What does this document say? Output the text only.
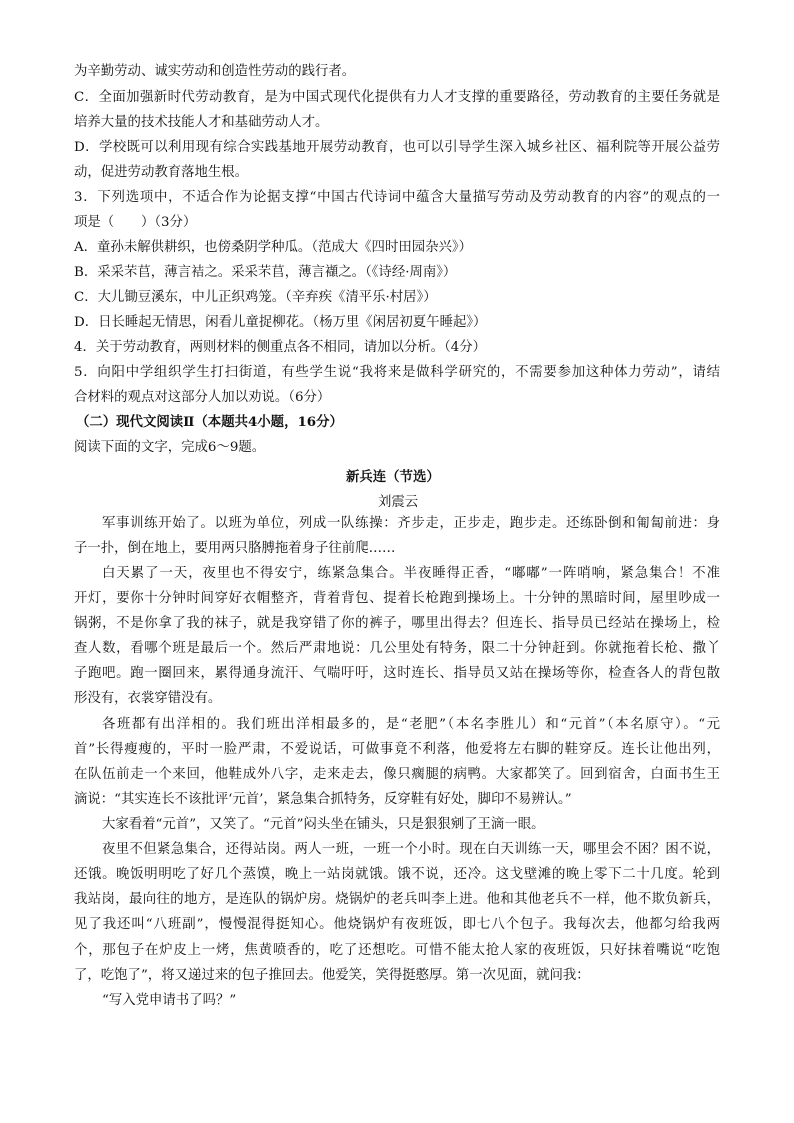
为辛勤劳动、诚实劳动和创造性劳动的践行者。
C．全面加强新时代劳动教育，是为中国式现代化提供有力人才支撑的重要路径，劳动教育的主要任务就是
培养大量的技术技能人才和基础劳动人才。
D．学校既可以利用现有综合实践基地开展劳动教育，也可以引导学生深入城乡社区、福利院等开展公益劳
动，促进劳动教育落地生根。
3．下列选项中，不适合作为论据支撑“中国古代诗词中蕴含大量描写劳动及劳动教育的内容”的观点的一
项是（　　）（3分）
A．童孙未解供耕织，也傍桑阴学种瓜。（范成大《四时田园杂兴》）
B．采采芣苢，薄言袺之。采采芣苢，薄言襭之。（《诗经·周南》）
C．大儿锄豆溪东，中儿正织鸡笼。（辛弃疾《清平乐·村居》）
D．日长睡起无情思，闲看儿童捉柳花。（杨万里《闲居初夏午睡起》）
4．关于劳动教育，两则材料的侧重点各不相同，请加以分析。（4分）
5．向阳中学组织学生打扫街道，有些学生说“我将来是做科学研究的，不需要参加这种体力劳动”，请结
合材料的观点对这部分人加以劝说。（6分）
（二）现代文阅读Ⅱ（本题共4小题，16分）
阅读下面的文字，完成6～9题。
新兵连（节选）
刘震云
军事训练开始了。以班为单位，列成一队练操：齐步走，正步走，跑步走。还练卧倒和匍匐前进：身
子一扑，倒在地上，要用两只胳膊拖着身子往前爬……
白天累了一天，夜里也不得安宁，练紧急集合。半夜睡得正香，“嘟嘟”一阵哨响，紧急集合！不准
开灯，要你十分钟时间穿好衣帽整齐，背着背包、提着长枪跑到操场上。十分钟的黑暗时间，屋里吵成一
锅粥，不是你拿了我的袜子，就是我穿错了你的裤子，哪里出得去？但连长、指导员已经站在操场上，检
查人数，看哪个班是最后一个。然后严肃地说：几公里处有特务，限二十分钟赶到。你就拖着长枪、撒丫
子跑吧。跑一圈回来，累得通身流汗、气喘吁吁，这时连长、指导员又站在操场等你，检查各人的背包散
形没有，衣裳穿错没有。
各班都有出洋相的。我们班出洋相最多的，是“老肥”（本名李胜儿）和“元首”（本名原守）。“元
首”长得瘦瘦的，平时一脸严肃，不爱说话，可做事竟不利落，他爱将左右脚的鞋穿反。连长让他出列，
在队伍前走一个来回，他鞋成外八字，走来走去，像只瘸腿的病鸭。大家都笑了。回到宿舍，白面书生王
滴说：“其实连长不该批评‘元首’，紧急集合抓特务，反穿鞋有好处，脚印不易辨认。”
大家看着“元首”，又笑了。“元首”闷头坐在铺头，只是狠狠剜了王滴一眼。
夜里不但紧急集合，还得站岗。两人一班，一班一个小时。现在白天训练一天，哪里会不困？困不说，
还饿。晚饭明明吃了好几个蒸馍，晚上一站岗就饿。饿不说，还冷。这戈壁滩的晚上零下二十几度。轮到
我站岗，最向往的地方，是连队的锅炉房。烧锅炉的老兵叫李上进。他和其他老兵不一样，他不欺负新兵，
见了我还叫“八班副”，慢慢混得挺知心。他烧锅炉有夜班饭，即七八个包子。我每次去，他都匀给我两
个，那包子在炉皮上一烤，焦黄喷香的，吃了还想吃。可惜不能太抢人家的夜班饭，只好抹着嘴说“吃饱
了，吃饱了”，将又递过来的包子推回去。他爱笑，笑得挺憨厚。第一次见面，就问我：
“写入党申请书了吗？”
